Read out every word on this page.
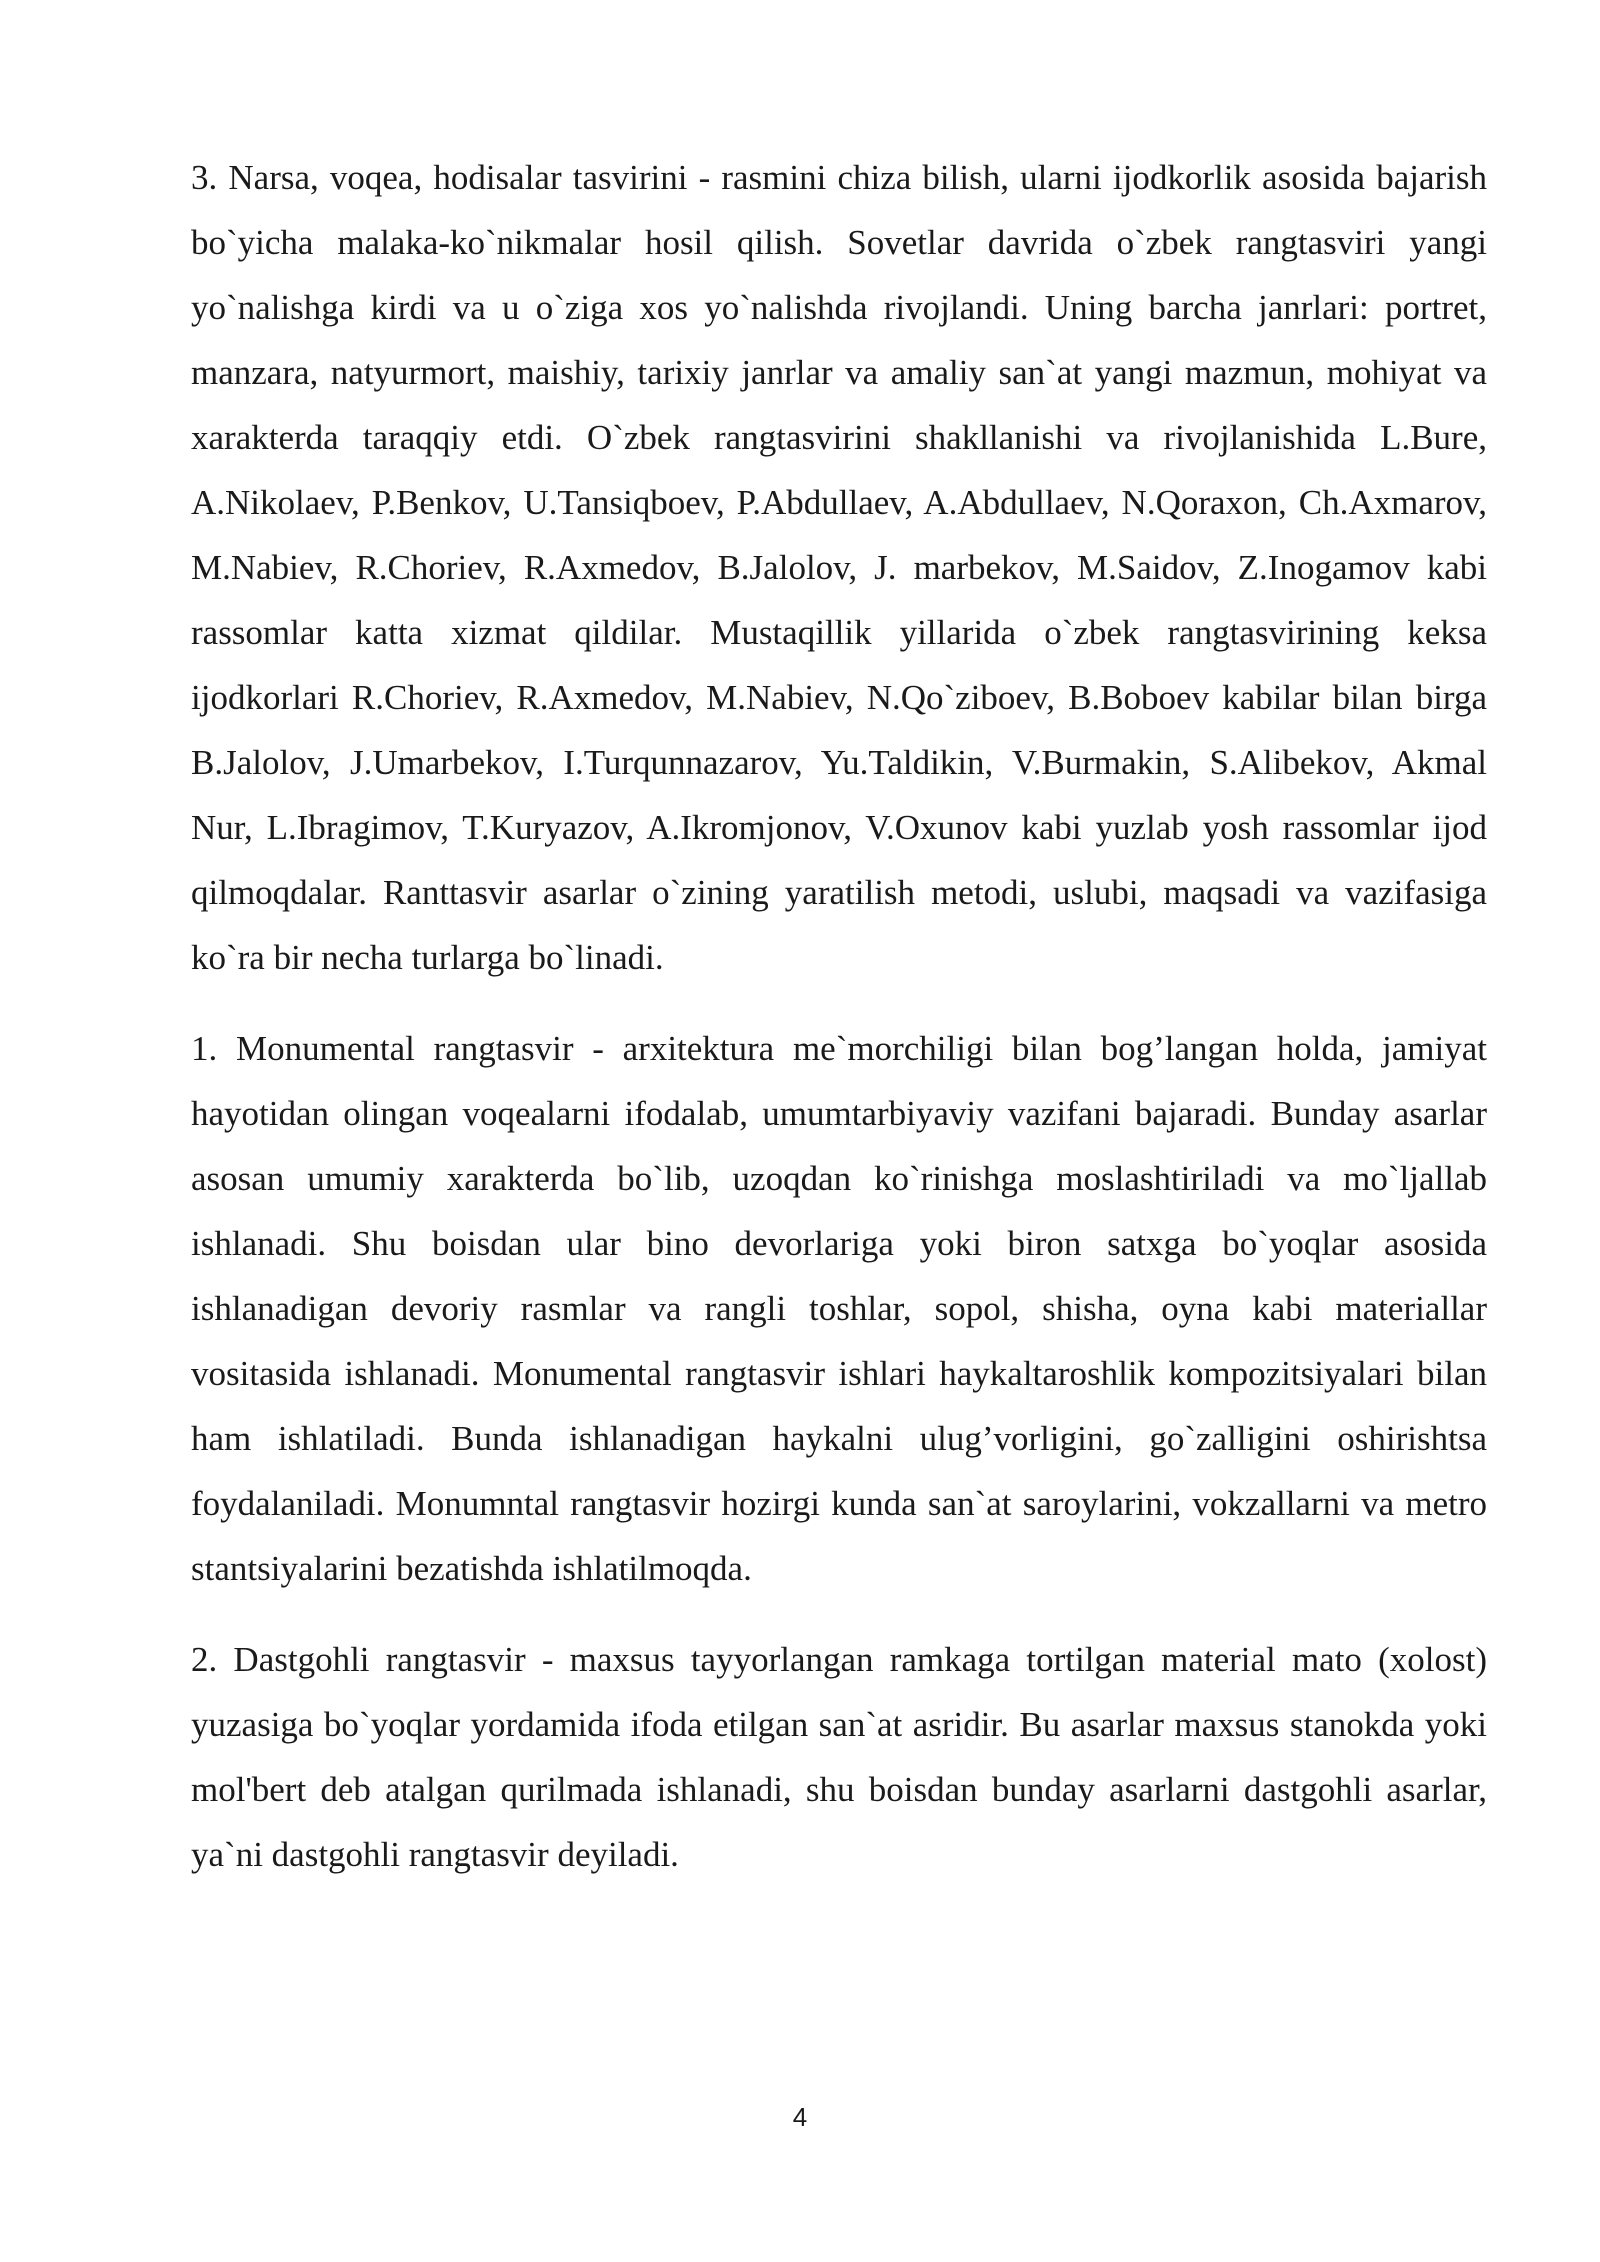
3. Narsa, voqea, hodisalar tasvirini - rasmini chiza bilish, ularni ijodkorlik asosida bajarish bo`yicha malaka-ko`nikmalar hosil qilish. Sovetlar davrida o`zbek rangtasviri yangi yo`nalishga kirdi va u o`ziga xos yo`nalishda rivojlandi. Uning barcha janrlari: portret, manzara, natyurmort, maishiy, tarixiy janrlar va amaliy san`at yangi mazmun, mohiyat va xarakterda taraqqiy etdi. O`zbek rangtasvirini shakllanishi va rivojlanishida L.Bure, A.Nikolaev, P.Benkov, U.Tansiqboev, P.Abdullaev, A.Abdullaev, N.Qoraxon, Ch.Axmarov, M.Nabiev, R.Choriev, R.Axmedov, B.Jalolov, J. marbekov, M.Saidov, Z.Inogamov kabi rassomlar katta xizmat qildilar. Mustaqillik yillarida o`zbek rangtasvirining keksa ijodkorlari R.Choriev, R.Axmedov, M.Nabiev, N.Qo`ziboev, B.Boboev kabilar bilan birga B.Jalolov, J.Umarbekov, I.Turqunnazarov, Yu.Taldikin, V.Burmakin, S.Alibekov, Akmal Nur, L.Ibragimov, T.Kuryazov, A.Ikromjonov, V.Oxunov kabi yuzlab yosh rassomlar ijod qilmoqdalar. Ranttasvir asarlar o`zining yaratilish metodi, uslubi, maqsadi va vazifasiga ko`ra bir necha turlarga bo`linadi.

1. Monumental rangtasvir - arxitektura me`morchiligi bilan bog’langan holda, jamiyat hayotidan olingan voqealarni ifodalab, umumtarbiyaviy vazifani bajaradi. Bunday asarlar asosan umumiy xarakterda bo`lib, uzoqdan ko`rinishga moslashtiriladi va mo`ljallab ishlanadi. Shu boisdan ular bino devorlariga yoki biron satxga bo`yoqlar asosida ishlanadigan devoriy rasmlar va rangli toshlar, sopol, shisha, oyna kabi materiallar vositasida ishlanadi. Monumental rangtasvir ishlari haykaltaroshlik kompozitsiyalari bilan ham ishlatiladi. Bunda ishlanadigan haykalni ulug’vorligini, go`zalligini oshirishtsa foydalaniladi. Monumntal rangtasvir hozirgi kunda san`at saroylarini, vokzallarni va metro stantsiyalarini bezatishda ishlatilmoqda.

2. Dastgohli rangtasvir - maxsus tayyorlangan ramkaga tortilgan material mato (xolost) yuzasiga bo`yoqlar yordamida ifoda etilgan san`at asridir. Bu asarlar maxsus stanokda yoki mol'bert deb atalgan qurilmada ishlanadi, shu boisdan bunday asarlarni dastgohli asarlar, ya`ni dastgohli rangtasvir deyiladi.

4
